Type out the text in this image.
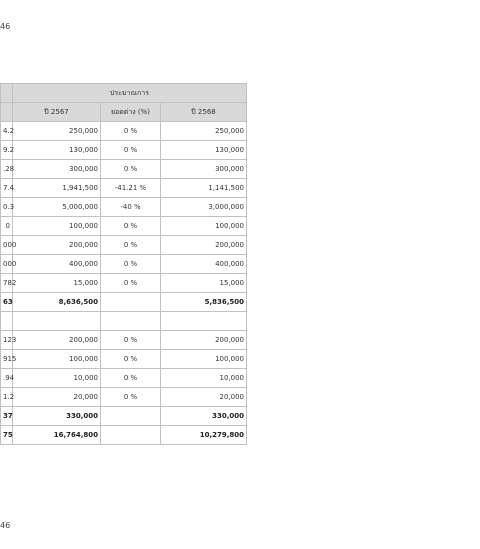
46
	ประมาณการ		
	ปี 2567	ยอดต่าง (%)	ปี 2568
4.2	250,000	0 %	250,000
9.2	130,000	0 %	130,000
.28	300,000	0 %	300,000
7.4	1,941,500	-41.21 %	1,141,500
0.3	5,000,000	-40 %	3,000,000
0	100,000	0 %	100,000
000	200,000	0 %	200,000
000	400,000	0 %	400,000
782	15,000	0 %	15,000
63	8,636,500		5,836,500

123	200,000	0 %	200,000
915	100,000	0 %	100,000
.94	10,000	0 %	10,000
1.2	20,000	0 %	20,000
37	330,000		330,000
75	16,764,800		10,279,800
46
